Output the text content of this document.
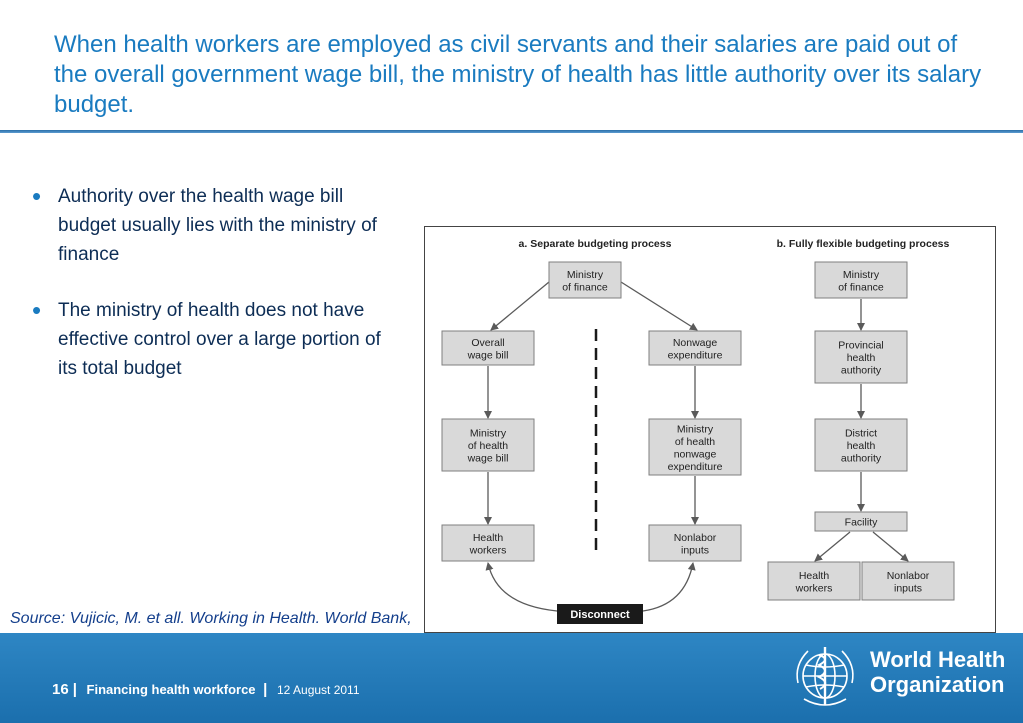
When health workers are employed as civil servants and their salaries are paid out of the overall government wage bill, the ministry of health has little authority over its salary budget.
• Authority over the health wage bill budget usually lies with the ministry of finance
• The ministry of health does not have effective control over a large portion of its total budget
a. Separate budgeting process	b. Fully flexible budgeting process
Ministry
of finance
Overall
wage bill
Nonwage
expenditure
Ministry
of health
wage bill
Ministry
of health
nonwage
expenditure
Health
workers
Nonlabor
inputs
Ministry
of finance
Provincial
health
authority
District
health
authority
Facility
Health
workers
Nonlabor
inputs
Disconnect

Source: Vujicic, M. et all. Working in Health. World Bank,

16 | Financing health workforce | 12 August 2011
World Health
Organization
